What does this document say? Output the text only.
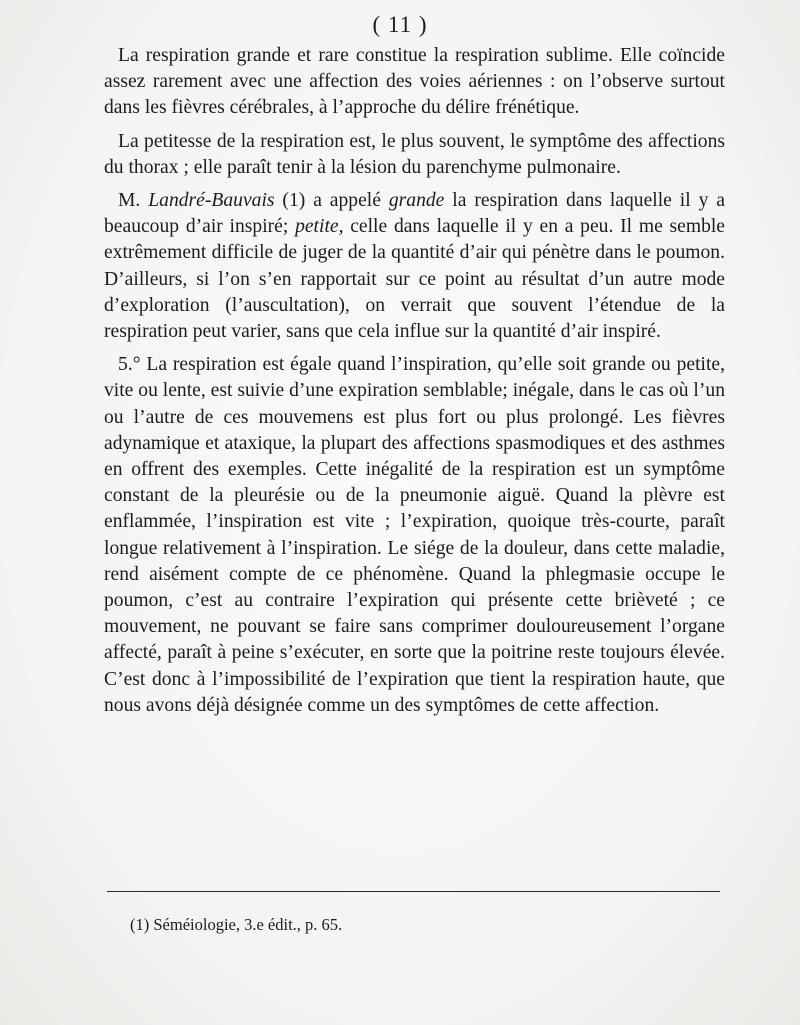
( 11 )

La respiration grande et rare constitue la respiration sublime. Elle coïncide assez rarement avec une affection des voies aériennes : on l’observe surtout dans les fièvres cérébrales, à l’approche du délire frénétique.

La petitesse de la respiration est, le plus souvent, le symptôme des affections du thorax ; elle paraît tenir à la lésion du parenchyme pulmonaire.

M. Landré-Bauvais (1) a appelé grande la respiration dans laquelle il y a beaucoup d’air inspiré; petite, celle dans laquelle il y en a peu. Il me semble extrêmement difficile de juger de la quantité d’air qui pénètre dans le poumon. D’ailleurs, si l’on s’en rapportait sur ce point au résultat d’un autre mode d’exploration (l’auscultation), on verrait que souvent l’étendue de la respiration peut varier, sans que cela influe sur la quantité d’air inspiré.

5.° La respiration est égale quand l’inspiration, qu’elle soit grande ou petite, vite ou lente, est suivie d’une expiration semblable; inégale, dans le cas où l’un ou l’autre de ces mouvemens est plus fort ou plus prolongé. Les fièvres adynamique et ataxique, la plupart des affections spasmodiques et des asthmes en offrent des exemples. Cette inégalité de la respiration est un symptôme constant de la pleurésie ou de la pneumonie aiguë. Quand la plèvre est enflammée, l’inspiration est vite ; l’expiration, quoique très-courte, paraît longue relativement à l’inspiration. Le siége de la douleur, dans cette maladie, rend aisément compte de ce phénomène. Quand la phlegmasie occupe le poumon, c’est au contraire l’expiration qui présente cette brièveté ; ce mouvement, ne pouvant se faire sans comprimer douloureusement l’organe affecté, paraît à peine s’exécuter, en sorte que la poitrine reste toujours élevée. C’est donc à l’impossibilité de l’expiration que tient la respiration haute, que nous avons déjà désignée comme un des symptômes de cette affection.

(1) Séméiologie, 3.e édit., p. 65.
